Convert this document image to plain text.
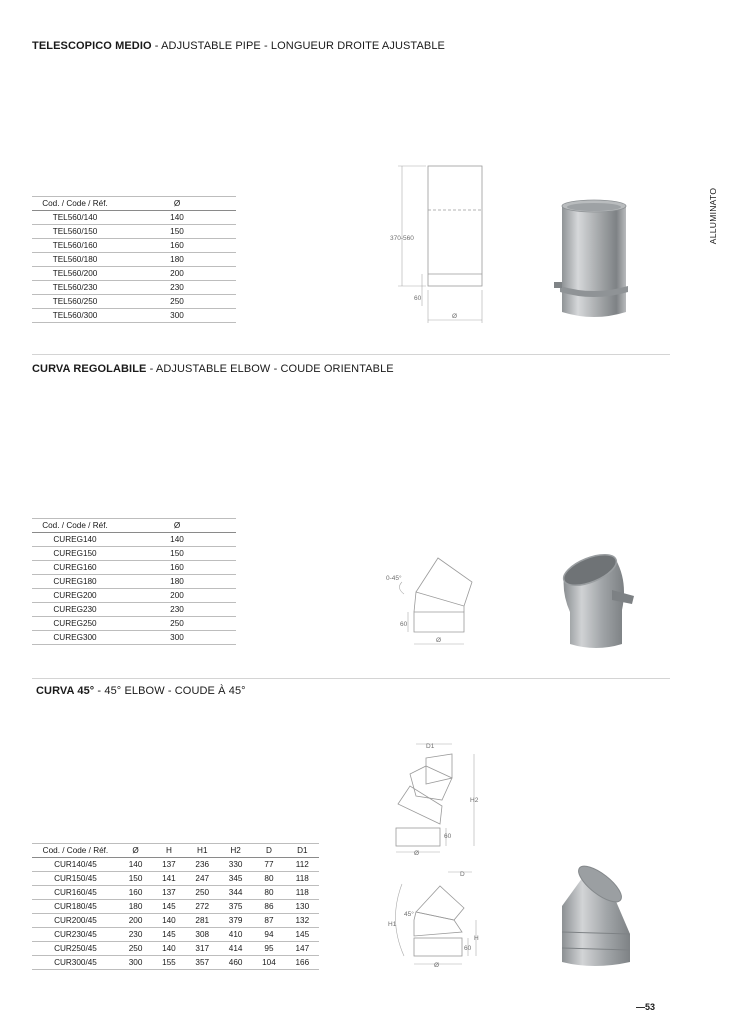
ALLUMINATO
TELESCOPICO MEDIO - ADJUSTABLE PIPE - LONGUEUR DROITE AJUSTABLE
Cod. / Code / Réf.	Ø
TEL560/140	140
TEL560/150	150
TEL560/160	160
TEL560/180	180
TEL560/200	200
TEL560/230	230
TEL560/250	250
TEL560/300	300
370-560
60
Ø
CURVA REGOLABILE - ADJUSTABLE ELBOW - COUDE ORIENTABLE
Cod. / Code / Réf.	Ø
CUREG140	140
CUREG150	150
CUREG160	160
CUREG180	180
CUREG200	200
CUREG230	230
CUREG250	250
CUREG300	300
0-45°
60
Ø
CURVA 45° - 45° ELBOW - COUDE À 45°
Cod. / Code / Réf.	Ø	H	H1	H2	D	D1
CUR140/45	140	137	236	330	77	112
CUR150/45	150	141	247	345	80	118
CUR160/45	160	137	250	344	80	118
CUR180/45	180	145	272	375	86	130
CUR200/45	200	140	281	379	87	132
CUR230/45	230	145	308	410	94	145
CUR250/45	250	140	317	414	95	147
CUR300/45	300	155	357	460	104	166
D1
H2
60
Ø
D
H1
45°
60
H
Ø
—53
